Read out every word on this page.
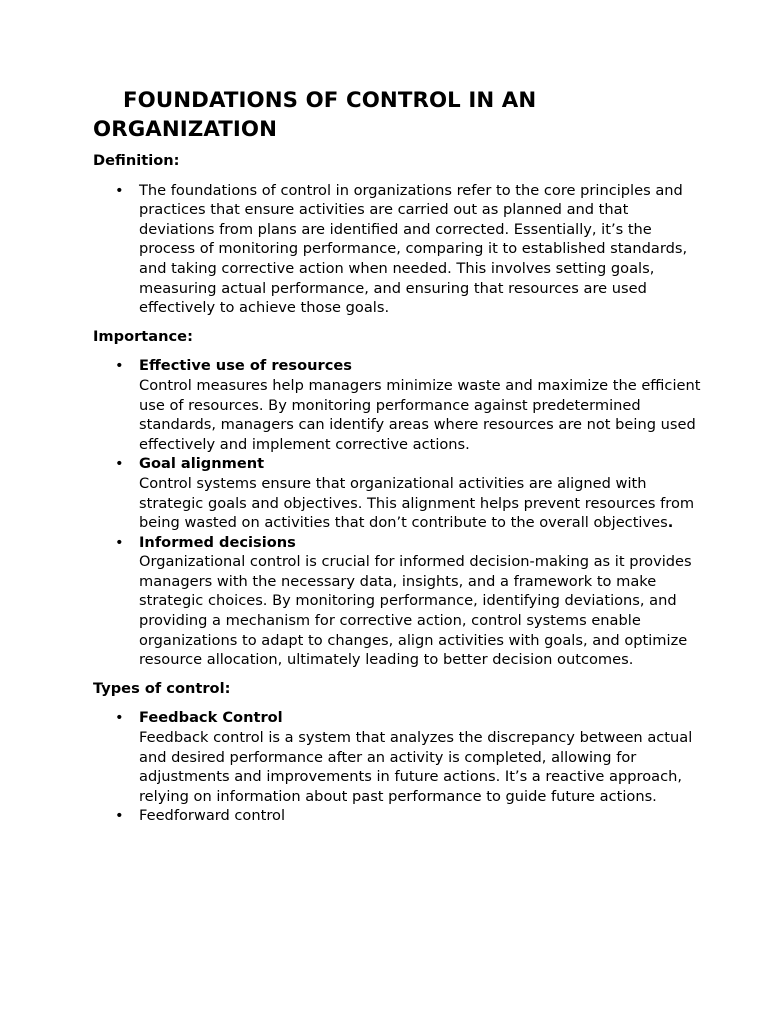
FOUNDATIONS OF CONTROL IN AN ORGANIZATION

Definition:

• The foundations of control in organizations refer to the core principles and practices that ensure activities are carried out as planned and that deviations from plans are identified and corrected. Essentially, it’s the process of monitoring performance, comparing it to established standards, and taking corrective action when needed. This involves setting goals, measuring actual performance, and ensuring that resources are used effectively to achieve those goals.

Importance:

• Effective use of resources
Control measures help managers minimize waste and maximize the efficient use of resources. By monitoring performance against predetermined standards, managers can identify areas where resources are not being used effectively and implement corrective actions.
• Goal alignment
Control systems ensure that organizational activities are aligned with strategic goals and objectives. This alignment helps prevent resources from being wasted on activities that don’t contribute to the overall objectives.
• Informed decisions
Organizational control is crucial for informed decision-making as it provides managers with the necessary data, insights, and a framework to make strategic choices. By monitoring performance, identifying deviations, and providing a mechanism for corrective action, control systems enable organizations to adapt to changes, align activities with goals, and optimize resource allocation, ultimately leading to better decision outcomes.

Types of control:

• Feedback Control
Feedback control is a system that analyzes the discrepancy between actual and desired performance after an activity is completed, allowing for adjustments and improvements in future actions. It’s a reactive approach, relying on information about past performance to guide future actions.
• Feedforward control
